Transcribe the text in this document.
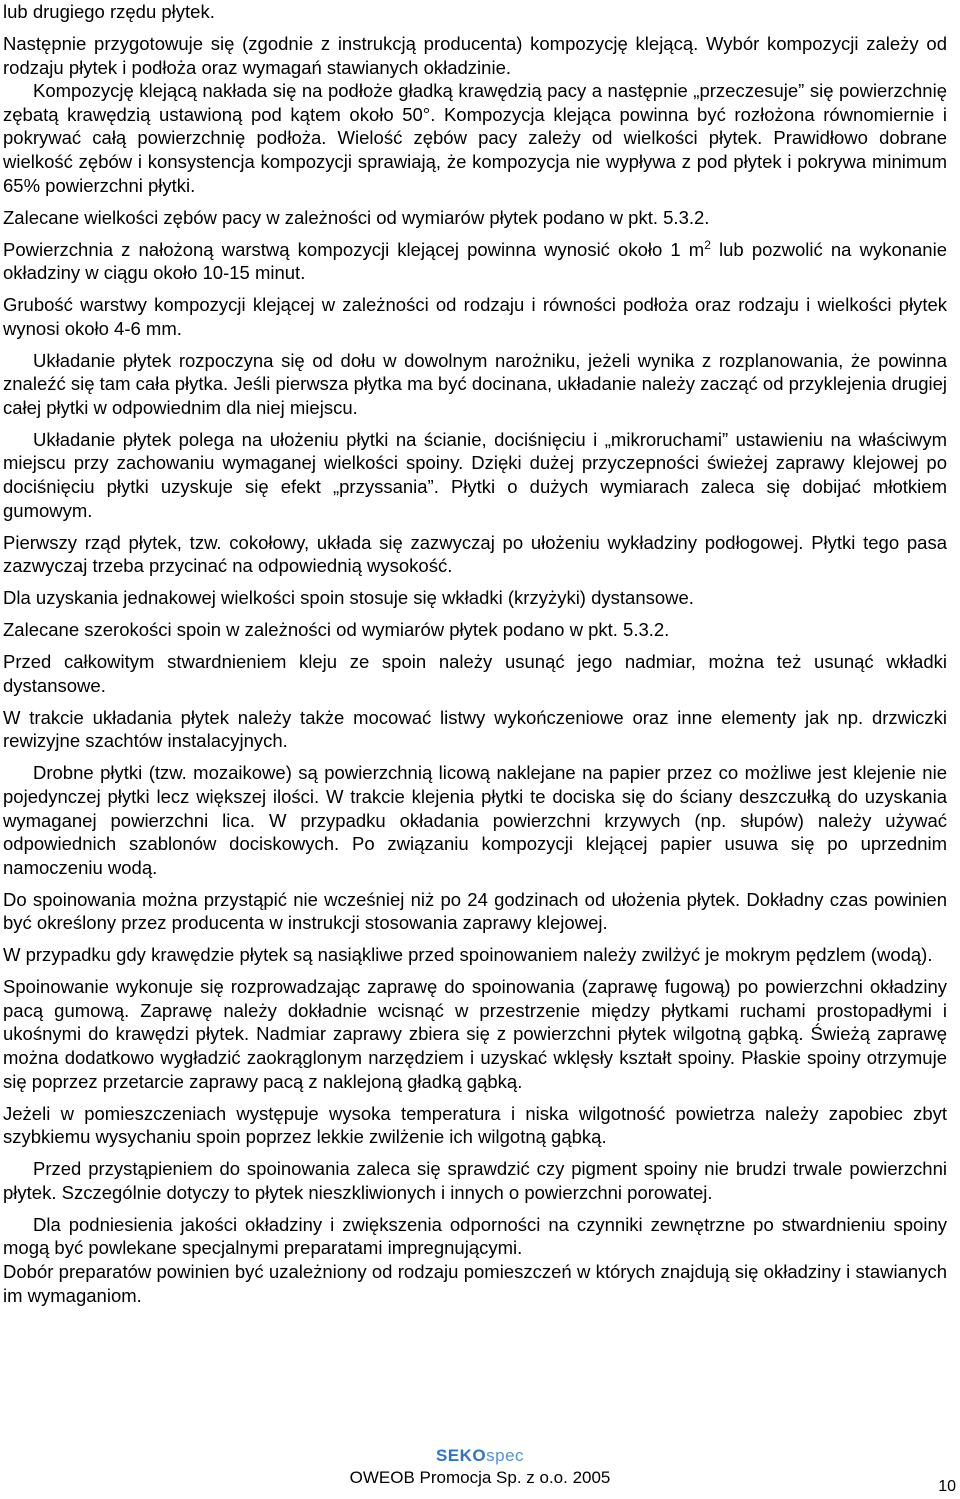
lub drugiego rzędu płytek.
Następnie przygotowuje się (zgodnie z instrukcją producenta) kompozycję klejącą. Wybór kompozycji zależy od rodzaju płytek i podłoża oraz wymagań stawianych okładzinie.
Kompozycję klejącą nakłada się na podłoże gładką krawędzią pacy a następnie „przeczesuje” się powierzchnię zębatą krawędzią ustawioną pod kątem około 50°. Kompozycja klejąca powinna być rozłożona równomiernie i pokrywać całą powierzchnię podłoża. Wielość zębów pacy zależy od wielkości płytek. Prawidłowo dobrane wielkość zębów i konsystencja kompozycji sprawiają, że kompozycja nie wypływa z pod płytek i pokrywa minimum 65% powierzchni płytki.
Zalecane wielkości zębów pacy w zależności od wymiarów płytek podano w pkt. 5.3.2.
Powierzchnia z nałożoną warstwą kompozycji klejącej powinna wynosić około 1 $m^2$ lub pozwolić na wykonanie okładziny w ciągu około 10-15 minut.
Grubość warstwy kompozycji klejącej w zależności od rodzaju i równości podłoża oraz rodzaju i wielkości płytek wynosi około 4-6 mm.
Układanie płytek rozpoczyna się od dołu w dowolnym narożniku, jeżeli wynika z rozplanowania, że powinna znaleźć się tam cała płytka. Jeśli pierwsza płytka ma być docinana, układanie należy zacząć od przyklejenia drugiej całej płytki w odpowiednim dla niej miejscu.
Układanie płytek polega na ułożeniu płytki na ścianie, dociśnięciu i „mikroruchami” ustawieniu na właściwym miejscu przy zachowaniu wymaganej wielkości spoiny. Dzięki dużej przyczepności świeżej zaprawy klejowej po dociśnięciu płytki uzyskuje się efekt „przyssania”. Płytki o dużych wymiarach zaleca się dobijać młotkiem gumowym.
Pierwszy rząd płytek, tzw. cokołowy, układa się zazwyczaj po ułożeniu wykładziny podłogowej. Płytki tego pasa zazwyczaj trzeba przycinać na odpowiednią wysokość.
Dla uzyskania jednakowej wielkości spoin stosuje się wkładki (krzyżyki) dystansowe.
Zalecane szerokości spoin w zależności od wymiarów płytek podano w pkt. 5.3.2.
Przed całkowitym stwardnieniem kleju ze spoin należy usunąć jego nadmiar, można też usunąć wkładki dystansowe.
W trakcie układania płytek należy także mocować listwy wykończeniowe oraz inne elementy jak np. drzwiczki rewizyjne szachtów instalacyjnych.
Drobne płytki (tzw. mozaikowe) są powierzchnią licową naklejane na papier przez co możliwe jest klejenie nie pojedynczej płytki lecz większej ilości. W trakcie klejenia płytki te dociska się do ściany deszczułką do uzyskania wymaganej powierzchni lica. W przypadku okładania powierzchni krzywych (np. słupów) należy używać odpowiednich szablonów dociskowych. Po związaniu kompozycji klejącej papier usuwa się po uprzednim namoczeniu wodą.
Do spoinowania można przystąpić nie wcześniej niż po 24 godzinach od ułożenia płytek. Dokładny czas powinien być określony przez producenta w instrukcji stosowania zaprawy klejowej.
W przypadku gdy krawędzie płytek są nasiąkliwe przed spoinowaniem należy zwilżyć je mokrym pędzlem (wodą).
Spoinowanie wykonuje się rozprowadzając zaprawę do spoinowania (zaprawę fugową) po powierzchni okładziny pacą gumową. Zaprawę należy dokładnie wcisnąć w przestrzenie między płytkami ruchami prostopadłymi i ukośnymi do krawędzi płytek. Nadmiar zaprawy zbiera się z powierzchni płytek wilgotną gąbką. Świeżą zaprawę można dodatkowo wygładzić zaokrąglonym narzędziem i uzyskać wklęsły kształt spoiny. Płaskie spoiny otrzymuje się poprzez przetarcie zaprawy pacą z naklejoną gładką gąbką.
Jeżeli w pomieszczeniach występuje wysoka temperatura i niska wilgotność powietrza należy zapobiec zbyt szybkiemu wysychaniu spoin poprzez lekkie zwilżenie ich wilgotną gąbką.
Przed przystąpieniem do spoinowania zaleca się sprawdzić czy pigment spoiny nie brudzi trwale powierzchni płytek. Szczególnie dotyczy to płytek nieszkliwionych i innych o powierzchni porowatej.
Dla podniesienia jakości okładziny i zwiększenia odporności na czynniki zewnętrzne po stwardnieniu spoiny mogą być powlekane specjalnymi preparatami impregnującymi.
Dobór preparatów powinien być uzależniony od rodzaju pomieszczeń w których znajdują się okładziny i stawianych im wymaganiom.
SEKOspec
OWEOB Promocja Sp. z o.o. 2005	10
